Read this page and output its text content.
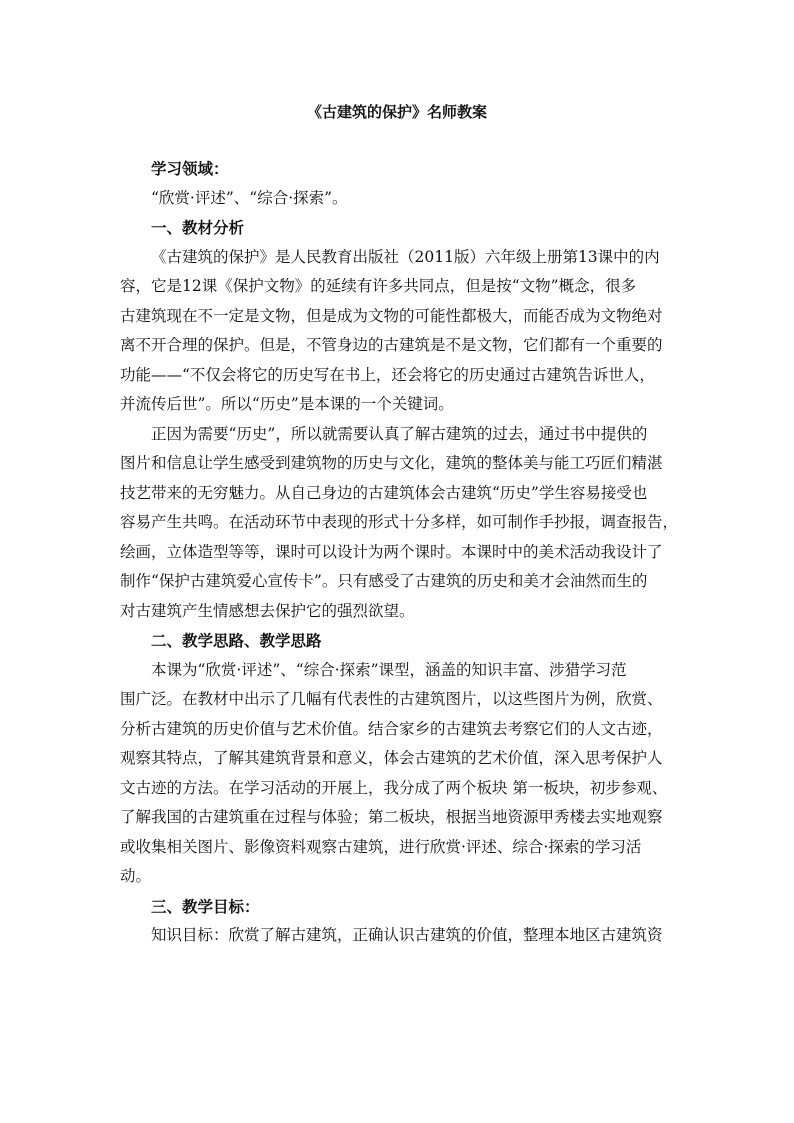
《古建筑的保护》名师教案

学习领域：

“欣赏·评述”、“综合·探索”。

一、教材分析

《古建筑的保护》是人民教育出版社（2011版）六年级上册第13课中的内
容，它是12课《保护文物》的延续有许多共同点，但是按“文物”概念，很多
古建筑现在不一定是文物，但是成为文物的可能性都极大，而能否成为文物绝对
离不开合理的保护。但是，不管身边的古建筑是不是文物，它们都有一个重要的
功能——“不仅会将它的历史写在书上，还会将它的历史通过古建筑告诉世人，
并流传后世”。所以“历史”是本课的一个关键词。

正因为需要“历史”，所以就需要认真了解古建筑的过去，通过书中提供的
图片和信息让学生感受到建筑物的历史与文化，建筑的整体美与能工巧匠们精湛
技艺带来的无穷魅力。从自己身边的古建筑体会古建筑“历史”学生容易接受也
容易产生共鸣。在活动环节中表现的形式十分多样，如可制作手抄报，调查报告，
绘画，立体造型等等，课时可以设计为两个课时。本课时中的美术活动我设计了
制作“保护古建筑爱心宣传卡”。只有感受了古建筑的历史和美才会油然而生的
对古建筑产生情感想去保护它的强烈欲望。

二、教学思路、教学思路

本课为“欣赏·评述”、“综合·探索”课型，涵盖的知识丰富、涉猎学习范
围广泛。在教材中出示了几幅有代表性的古建筑图片，以这些图片为例，欣赏、
分析古建筑的历史价值与艺术价值。结合家乡的古建筑去考察它们的人文古迹，
观察其特点，了解其建筑背景和意义，体会古建筑的艺术价值，深入思考保护人
文古迹的方法。在学习活动的开展上，我分成了两个板块 第一板块，初步参观、
了解我国的古建筑重在过程与体验；第二板块，根据当地资源甲秀楼去实地观察
或收集相关图片、影像资料观察古建筑，进行欣赏·评述、综合·探索的学习活
动。

三、教学目标：

知识目标：欣赏了解古建筑，正确认识古建筑的价值，整理本地区古建筑资
